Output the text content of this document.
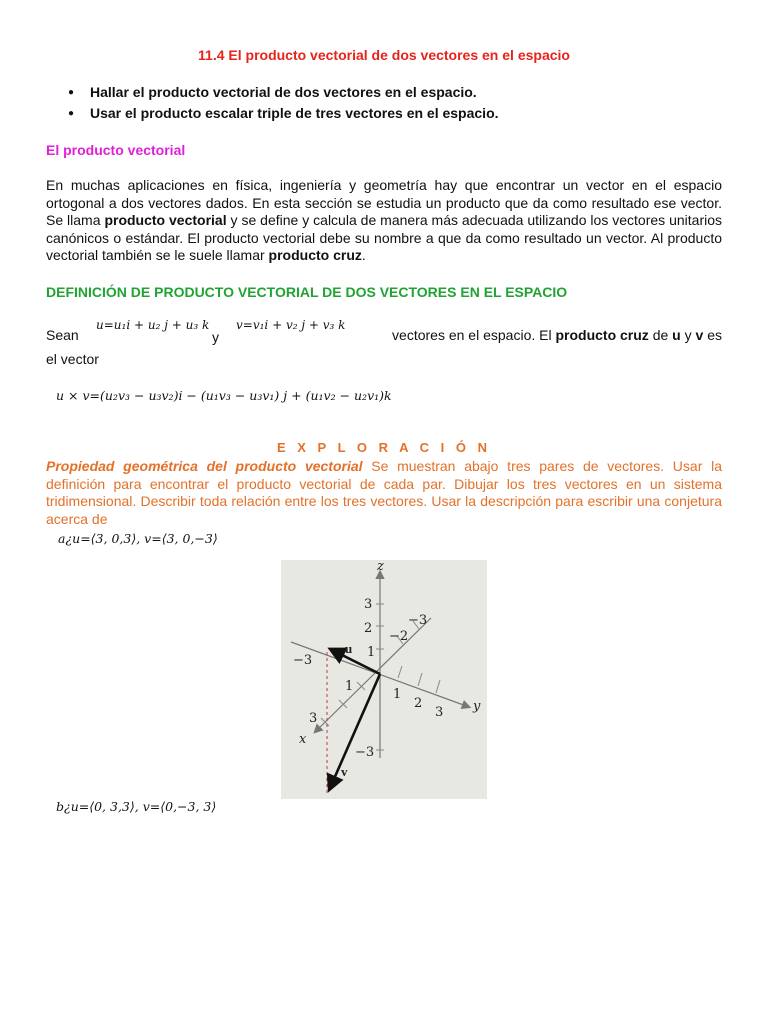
11.4 El producto vectorial de dos vectores en el espacio
● Hallar el producto vectorial de dos vectores en el espacio.
● Usar el producto escalar triple de tres vectores en el espacio.
El producto vectorial
En muchas aplicaciones en física, ingeniería y geometría hay que encontrar un vector en el espacio ortogonal a dos vectores dados. En esta sección se estudia un producto que da como resultado ese vector. Se llama producto vectorial y se define y calcula de manera más adecuada utilizando los vectores unitarios canónicos o estándar. El producto vectorial debe su nombre a que da como resultado un vector. Al producto vectorial también se le suele llamar producto cruz.
DEFINICIÓN DE PRODUCTO VECTORIAL DE DOS VECTORES EN EL ESPACIO
Sean
u=u₁i + u₂ j + u₃ k
y
v=v₁i + v₂ j + v₃ k
vectores en el espacio. El producto cruz de u y v es
el vector
u × v=(u₂v₃ − u₃v₂)i − (u₁v₃ − u₃v₁) j + (u₁v₂ − u₂v₁)k
E X P L O R A C I Ó N
Propiedad geométrica del producto vectorial Se muestran abajo tres pares de vectores. Usar la definición para encontrar el producto vectorial de cada par. Dibujar los tres vectores en un sistema tridimensional. Describir toda relación entre los tres vectores. Usar la descripción para escribir una conjetura acerca de
a¿u=⟨3, 0,3⟩, v=⟨3, 0,−3⟩
z
y
x
u
v
3
2
1
−3
1
2
3
−2
−3
1
3
−3
b¿u=⟨0, 3,3⟩, v=⟨0,−3, 3⟩
